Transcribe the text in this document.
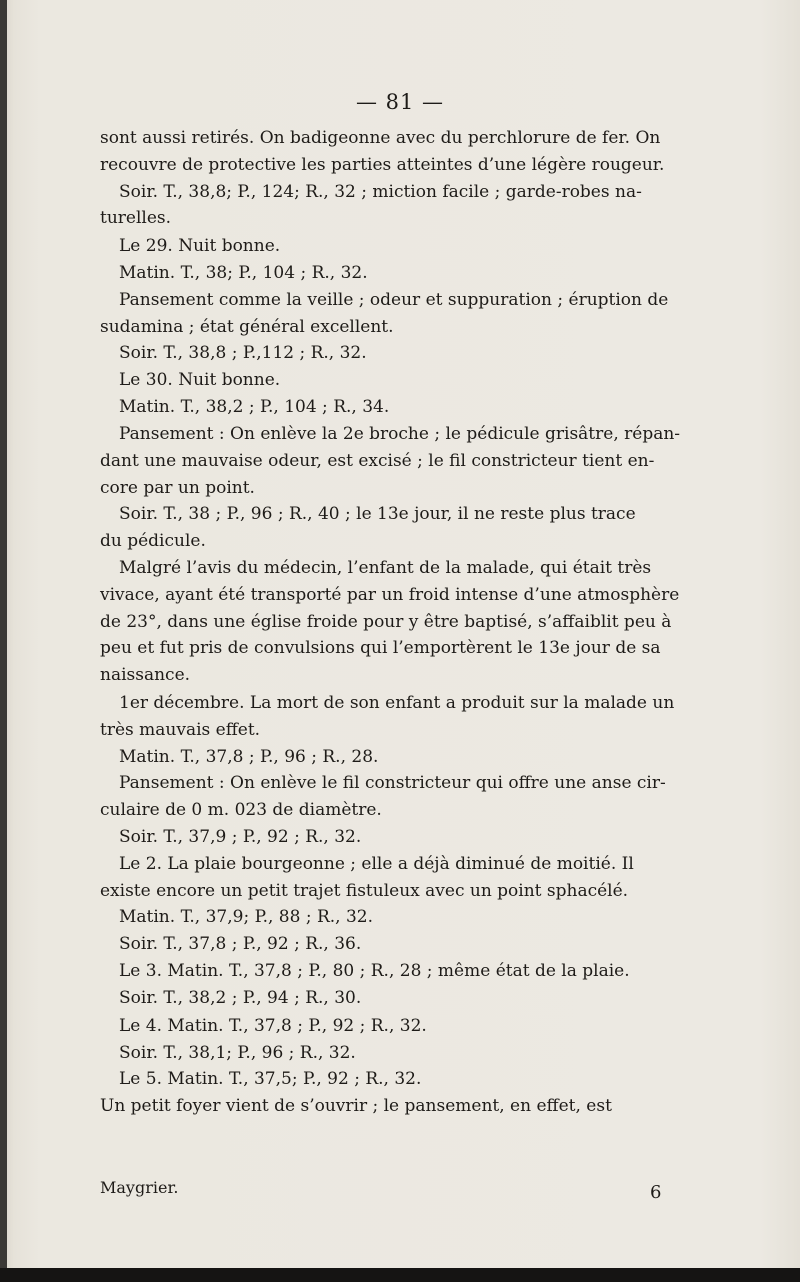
— 81 —
sont aussi retirés. On badigeonne avec du perchlorure de fer. On
recouvre de protective les parties atteintes d’une légère rougeur.
Soir. T., 38,8; P., 124; R., 32 ; miction facile ; garde-robes na-
turelles.
Le 29. Nuit bonne.
Matin. T., 38; P., 104 ; R., 32.
Pansement comme la veille ; odeur et suppuration ; éruption de
sudamina ; état général excellent.
Soir. T., 38,8 ; P.,112 ; R., 32.
Le 30. Nuit bonne.
Matin. T., 38,2 ; P., 104 ; R., 34.
Pansement : On enlève la 2e broche ; le pédicule grisâtre, répan-
dant une mauvaise odeur, est excisé ; le fil constricteur tient en-
core par un point.
Soir. T., 38 ; P., 96 ; R., 40 ; le 13e jour, il ne reste plus trace
du pédicule.
Malgré l’avis du médecin, l’enfant de la malade, qui était très
vivace, ayant été transporté par un froid intense d’une atmosphère
de 23°, dans une église froide pour y être baptisé, s’affaiblit peu à
peu et fut pris de convulsions qui l’emportèrent le 13e jour de sa
naissance.
1er décembre. La mort de son enfant a produit sur la malade un
très mauvais effet.
Matin. T., 37,8 ; P., 96 ; R., 28.
Pansement : On enlève le fil constricteur qui offre une anse cir-
culaire de 0 m. 023 de diamètre.
Soir. T., 37,9 ; P., 92 ; R., 32.
Le 2. La plaie bourgeonne ; elle a déjà diminué de moitié. Il
existe encore un petit trajet fistuleux avec un point sphacélé.
Matin. T., 37,9; P., 88 ; R., 32.
Soir. T., 37,8 ; P., 92 ; R., 36.
Le 3. Matin. T., 37,8 ; P., 80 ; R., 28 ; même état de la plaie.
Soir. T., 38,2 ; P., 94 ; R., 30.
Le 4. Matin. T., 37,8 ; P., 92 ; R., 32.
Soir. T., 38,1; P., 96 ; R., 32.
Le 5. Matin. T., 37,5; P., 92 ; R., 32.
Un petit foyer vient de s’ouvrir ; le pansement, en effet, est
Maygrier.	6
